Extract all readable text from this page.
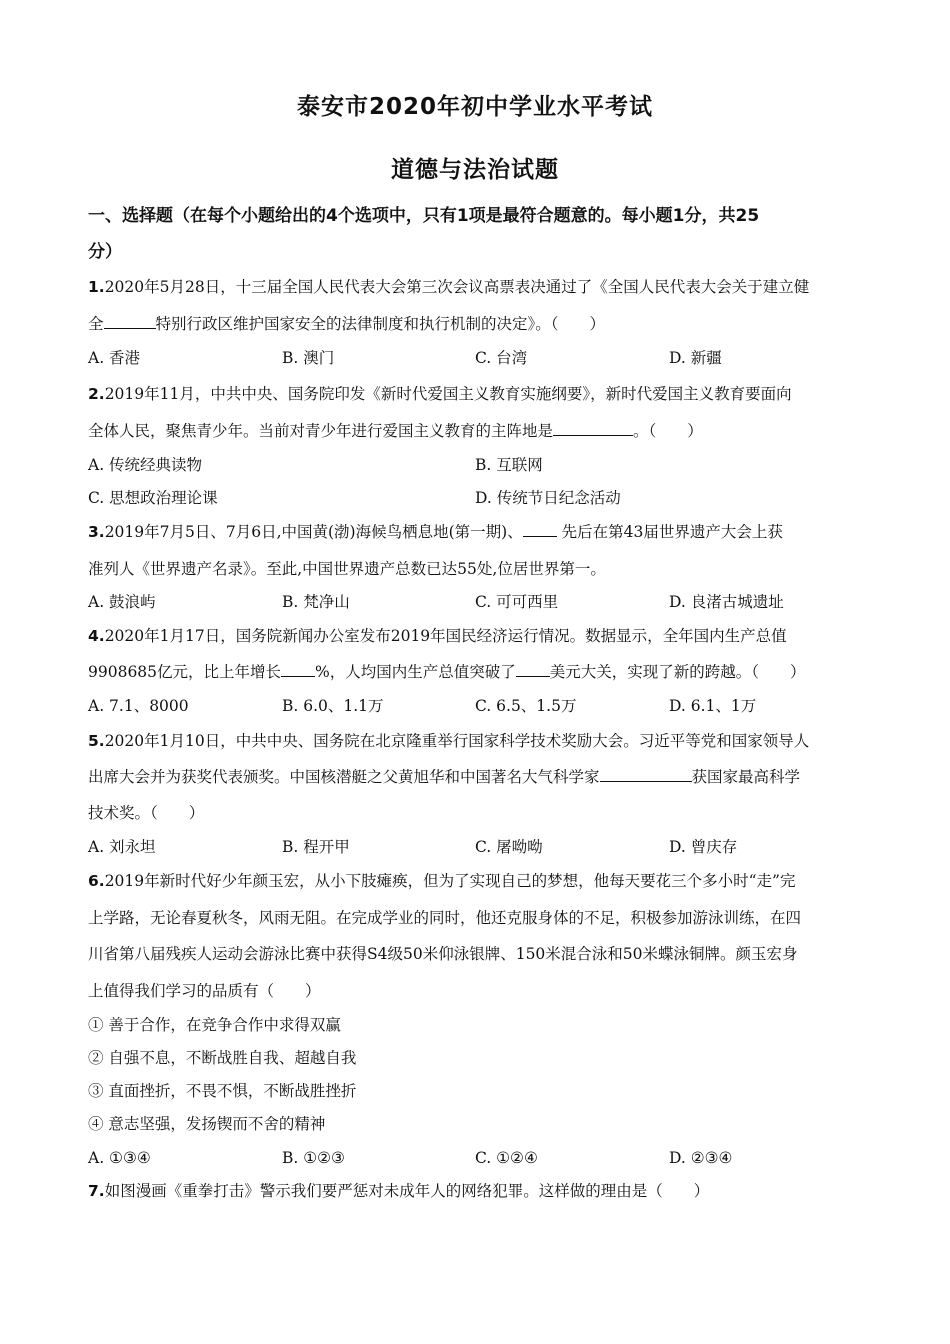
泰安市2020年初中学业水平考试
道德与法治试题
一、选择题（在每个小题给出的4个选项中，只有1项是最符合题意的。每小题1分，共25
分）
1.2020年5月28日，十三届全国人民代表大会第三次会议高票表决通过了《全国人民代表大会关于建立健
全	特别行政区维护国家安全的法律制度和执行机制的决定》。（　　）
A. 香港	B. 澳门	C. 台湾	D. 新疆
2.2019年11月，中共中央、国务院印发《新时代爱国主义教育实施纲要》，新时代爱国主义教育要面向
全体人民，聚焦青少年。当前对青少年进行爱国主义教育的主阵地是	。（　　）
A. 传统经典读物	B. 互联网
C. 思想政治理论课	D. 传统节日纪念活动
3.2019年7月5日、7月6日,中国黄(渤)海候鸟栖息地(第一期)、 先后在第43届世界遗产大会上获
准列人《世界遗产名录》。至此,中国世界遗产总数已达55处,位居世界第一。
A. 鼓浪屿	B. 梵净山	C. 可可西里	D. 良渚古城遗址
4.2020年1月17日，国务院新闻办公室发布2019年国民经济运行情况。数据显示，全年国内生产总值
9908685亿元，比上年增长 %，人均国内生产总值突破了 美元大关，实现了新的跨越。（　　）
A. 7.1、8000	B. 6.0、1.1万	C. 6.5、1.5万	D. 6.1、1万
5.2020年1月10日，中共中央、国务院在北京隆重举行国家科学技术奖励大会。习近平等党和国家领导人
出席大会并为获奖代表颁奖。中国核潜艇之父黄旭华和中国著名大气科学家	获国家最高科学
技术奖。（　　）
A. 刘永坦	B. 程开甲	C. 屠呦呦	D. 曾庆存
6.2019年新时代好少年颜玉宏，从小下肢瘫痪，但为了实现自己的梦想，他每天要花三个多小时“走”完
上学路，无论春夏秋冬，风雨无阻。在完成学业的同时，他还克服身体的不足，积极参加游泳训练，在四
川省第八届残疾人运动会游泳比赛中获得S4级50米仰泳银牌、150米混合泳和50米蝶泳铜牌。颜玉宏身
上值得我们学习的品质有（　　）
① 善于合作，在竞争合作中求得双赢
② 自强不息，不断战胜自我、超越自我
③ 直面挫折，不畏不惧，不断战胜挫折
④ 意志坚强，发扬锲而不舍的精神
A. ①③④	B. ①②③	C. ①②④	D. ②③④
7.如图漫画《重拳打击》警示我们要严惩对未成年人的网络犯罪。这样做的理由是（　　）
